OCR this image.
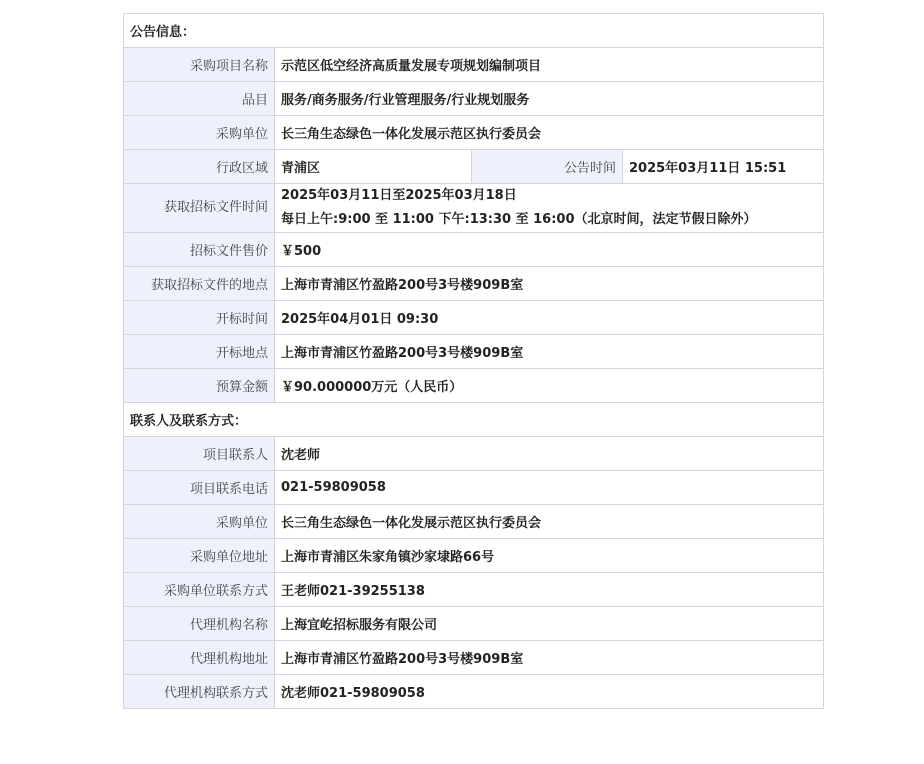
公告信息：			
采购项目名称	示范区低空经济高质量发展专项规划编制项目		
品目	服务/商务服务/行业管理服务/行业规划服务		
采购单位	长三角生态绿色一体化发展示范区执行委员会		
行政区域	青浦区	公告时间	2025年03月11日 15:51
获取招标文件时间	2025年03月11日至2025年03月18日
每日上午:9:00 至 11:00 下午:13:30 至 16:00（北京时间，法定节假日除外）		

招标文件售价	￥500		
获取招标文件的地点	上海市青浦区竹盈路200号3号楼909B室		
开标时间	2025年04月01日 09:30		
开标地点	上海市青浦区竹盈路200号3号楼909B室		
预算金额	￥90.000000万元（人民币）		
联系人及联系方式：			
项目联系人	沈老师		
项目联系电话	021-59809058		
采购单位	长三角生态绿色一体化发展示范区执行委员会		
采购单位地址	上海市青浦区朱家角镇沙家埭路66号		
采购单位联系方式	王老师021-39255138		
代理机构名称	上海宜屹招标服务有限公司		
代理机构地址	上海市青浦区竹盈路200号3号楼909B室		
代理机构联系方式	沈老师021-59809058		
